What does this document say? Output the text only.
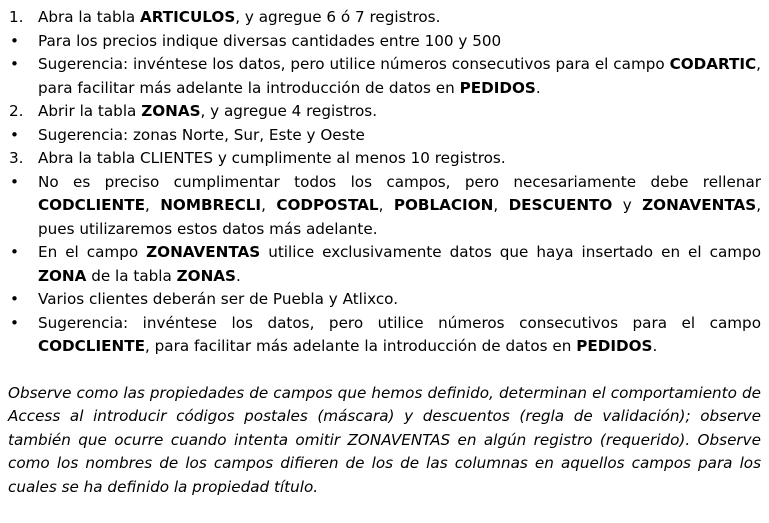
1. Abra la tabla ARTICULOS, y agregue 6 ó 7 registros.
•	Para los precios indique diversas cantidades entre 100 y 500
•	Sugerencia: invéntese los datos, pero utilice números consecutivos para el campo CODARTIC, para facilitar más adelante la introducción de datos en PEDIDOS.
2. Abrir la tabla ZONAS, y agregue 4 registros.
•	Sugerencia: zonas Norte, Sur, Este y Oeste
3. Abra la tabla CLIENTES y cumplimente al menos 10 registros.
•	No es preciso cumplimentar todos los campos, pero necesariamente debe rellenar CODCLIENTE, NOMBRECLI, CODPOSTAL, POBLACION, DESCUENTO y ZONAVENTAS, pues utilizaremos estos datos más adelante.
•	En el campo ZONAVENTAS utilice exclusivamente datos que haya insertado en el campo ZONA de la tabla ZONAS.
•	Varios clientes deberán ser de Puebla y Atlixco.
•	Sugerencia: invéntese los datos, pero utilice números consecutivos para el campo CODCLIENTE, para facilitar más adelante la introducción de datos en PEDIDOS.
Observe como las propiedades de campos que hemos definido, determinan el comportamiento de Access al introducir códigos postales (máscara) y descuentos (regla de validación); observe también que ocurre cuando intenta omitir ZONAVENTAS en algún registro (requerido). Observe como los nombres de los campos difieren de los de las columnas en aquellos campos para los cuales se ha definido la propiedad título.
